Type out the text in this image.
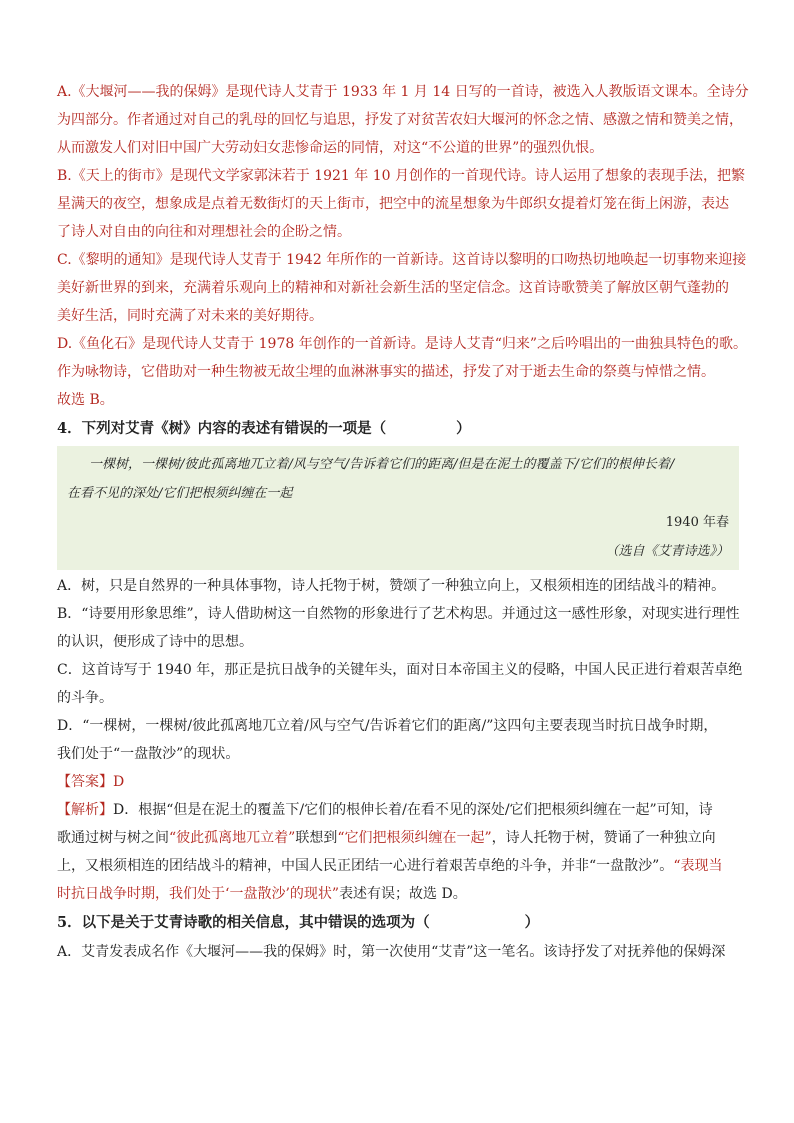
A.《大堰河——我的保姆》是现代诗人艾青于 1933 年 1 月 14 日写的一首诗，被选入人教版语文课本。全诗分

为四部分。作者通过对自己的乳母的回忆与追思，抒发了对贫苦农妇大堰河的怀念之情、感激之情和赞美之情，

从而激发人们对旧中国广大劳动妇女悲惨命运的同情，对这“不公道的世界”的强烈仇恨。

B.《天上的街市》是现代文学家郭沫若于 1921 年 10 月创作的一首现代诗。诗人运用了想象的表现手法，把繁

星满天的夜空，想象成是点着无数街灯的天上街市，把空中的流星想象为牛郎织女提着灯笼在街上闲游，表达

了诗人对自由的向往和对理想社会的企盼之情。

C.《黎明的通知》是现代诗人艾青于 1942 年所作的一首新诗。这首诗以黎明的口吻热切地唤起一切事物来迎接

美好新世界的到来，充满着乐观向上的精神和对新社会新生活的坚定信念。这首诗歌赞美了解放区朝气蓬勃的

美好生活，同时充满了对未来的美好期待。

D.《鱼化石》是现代诗人艾青于 1978 年创作的一首新诗。是诗人艾青“归来”之后吟唱出的一曲独具特色的歌。

作为咏物诗，它借助对一种生物被无故尘埋的血淋淋事实的描述，抒发了对于逝去生命的祭奠与悼惜之情。

故选 B。

4．下列对艾青《树》内容的表述有错误的一项是（	）

一棵树，一棵树/彼此孤离地兀立着/风与空气/告诉着它们的距离/但是在泥土的覆盖下/它们的根伸长着/

在看不见的深处/它们把根须纠缠在一起

1940 年春

（选自《艾青诗选》）

A．树，只是自然界的一种具体事物，诗人托物于树，赞颂了一种独立向上，又根须相连的团结战斗的精神。

B．“诗要用形象思维”，诗人借助树这一自然物的形象进行了艺术构思。并通过这一感性形象，对现实进行理性

的认识，便形成了诗中的思想。

C．这首诗写于 1940 年，那正是抗日战争的关键年头，面对日本帝国主义的侵略，中国人民正进行着艰苦卓绝

的斗争。

D．“一棵树，一棵树/彼此孤离地兀立着/风与空气/告诉着它们的距离/”这四句主要表现当时抗日战争时期，

我们处于“一盘散沙”的现状。

【答案】D

【解析】D．根据“但是在泥土的覆盖下/它们的根伸长着/在看不见的深处/它们把根须纠缠在一起”可知，诗

歌通过树与树之间“彼此孤离地兀立着”联想到“它们把根须纠缠在一起”，诗人托物于树，赞诵了一种独立向

上，又根须相连的团结战斗的精神，中国人民正团结一心进行着艰苦卓绝的斗争，并非“一盘散沙”。“表现当

时抗日战争时期，我们处于‘一盘散沙’的现状”表述有误；故选 D。

5．以下是关于艾青诗歌的相关信息，其中错误的选项为（	）

A．艾青发表成名作《大堰河——我的保姆》时，第一次使用“艾青”这一笔名。该诗抒发了对抚养他的保姆深
